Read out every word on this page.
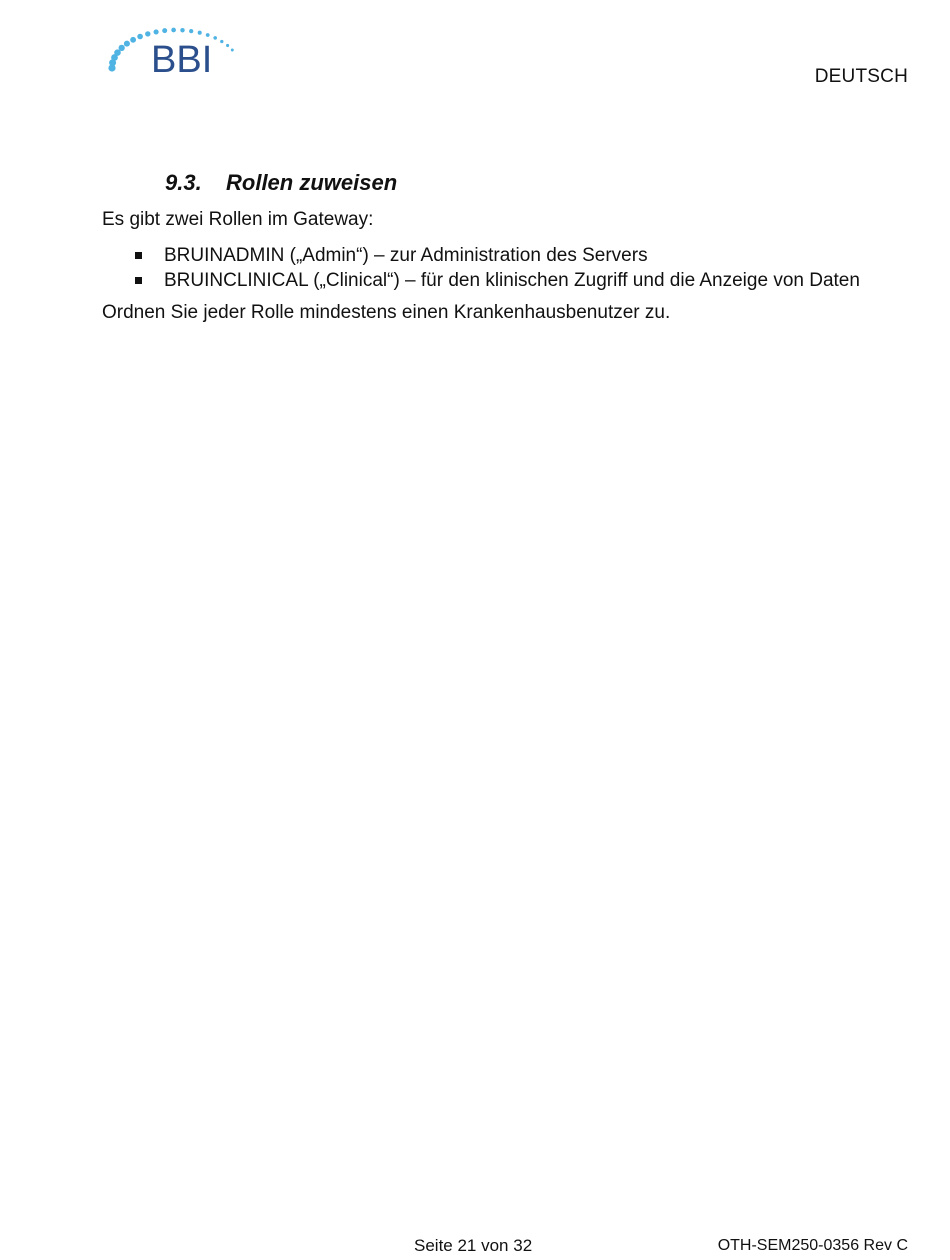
BBI	DEUTSCH
9.3. Rollen zuweisen
Es gibt zwei Rollen im Gateway:
BRUINADMIN („Admin“) – zur Administration des Servers
BRUINCLINICAL („Clinical“) – für den klinischen Zugriff und die Anzeige von Daten
Ordnen Sie jeder Rolle mindestens einen Krankenhausbenutzer zu.
Seite 21 von 32	OTH-SEM250-0356 Rev C
